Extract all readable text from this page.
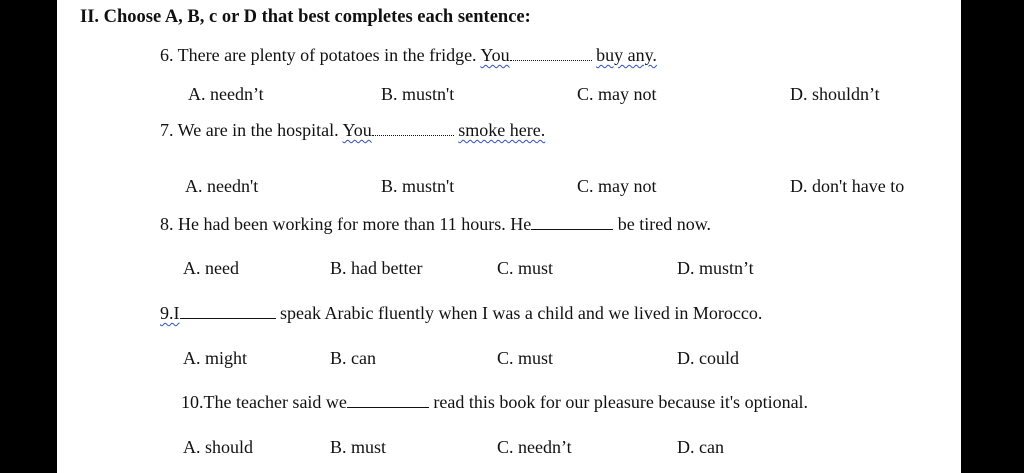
II. Choose A, B, c or D that best completes each sentence:
6. There are plenty of potatoes in the fridge. You	buy any.
A. needn’t	B. mustn't	C. may not	D. shouldn’t
7. We are in the hospital. You	smoke here.
A. needn't	B. mustn't	C. may not	D. don't have to
8. He had been working for more than 11 hours. He	be tired now.
A. need	B. had better	C. must	D. mustn’t
9.I	speak Arabic fluently when I was a child and we lived in Morocco.
A. might	B. can	C. must	D. could
10.The teacher said we	read this book for our pleasure because it's optional.
A. should	B. must	C. needn’t	D. can
